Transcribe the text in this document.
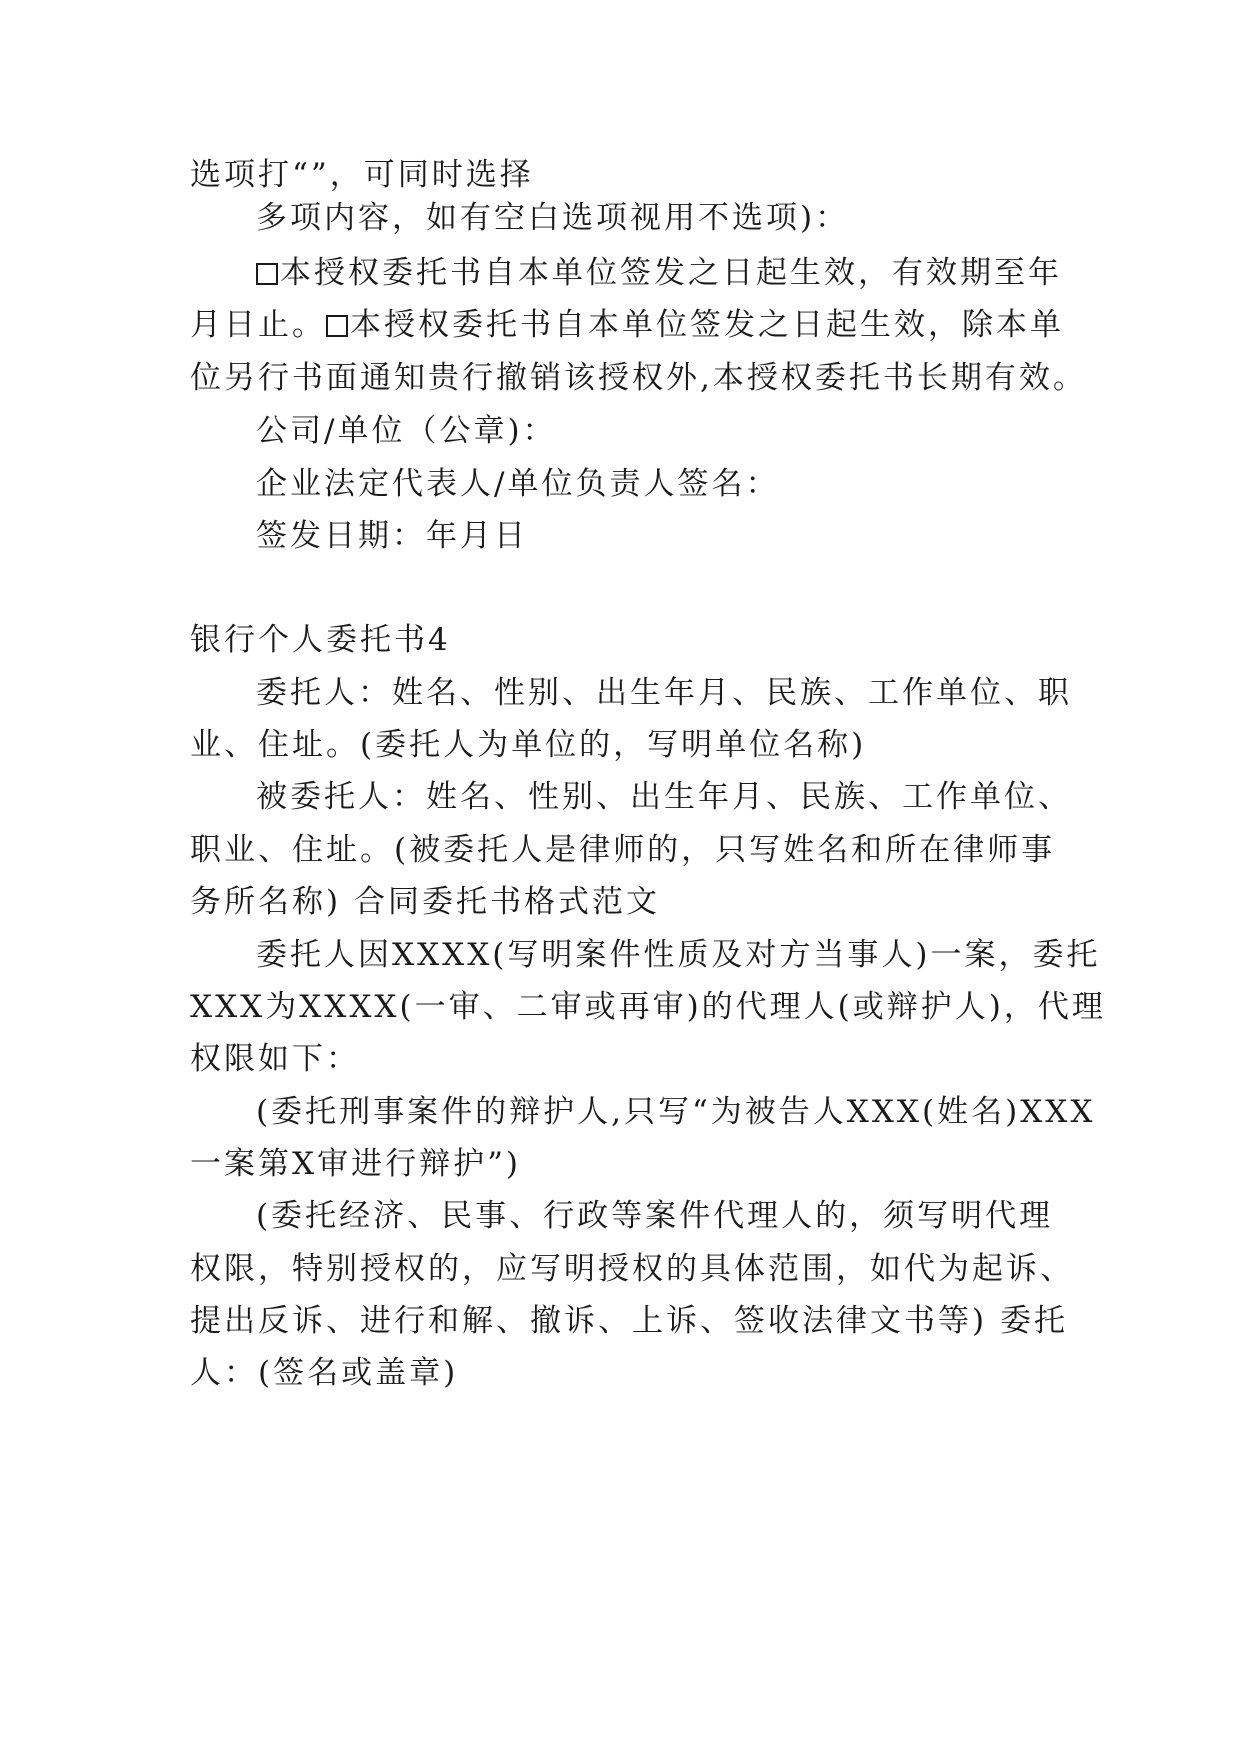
选项打“”，可同时选择

多项内容，如有空白选项视用不选项)：

本授权委托书自本单位签发之日起生效，有效期至年

月日止。 本授权委托书自本单位签发之日起生效，除本单

位另行书面通知贵行撤销该授权外,本授权委托书长期有效。

公司/单位（公章)：

企业法定代表人/单位负责人签名：

签发日期：年月日

银行个人委托书4

委托人：姓名、性别、出生年月、民族、工作单位、职

业、住址。(委托人为单位的，写明单位名称)

被委托人：姓名、性别、出生年月、民族、工作单位、

职业、住址。(被委托人是律师的，只写姓名和所在律师事

务所名称) 合同委托书格式范文

委托人因XXXX(写明案件性质及对方当事人)一案，委托

XXX为XXXX(一审、二审或再审)的代理人(或辩护人)，代理

权限如下：

(委托刑事案件的辩护人,只写“为被告人XXX(姓名)XXX

一案第X审进行辩护”)

(委托经济、民事、行政等案件代理人的，须写明代理

权限，特别授权的，应写明授权的具体范围，如代为起诉、

提出反诉、进行和解、撤诉、上诉、签收法律文书等) 委托

人：(签名或盖章)
